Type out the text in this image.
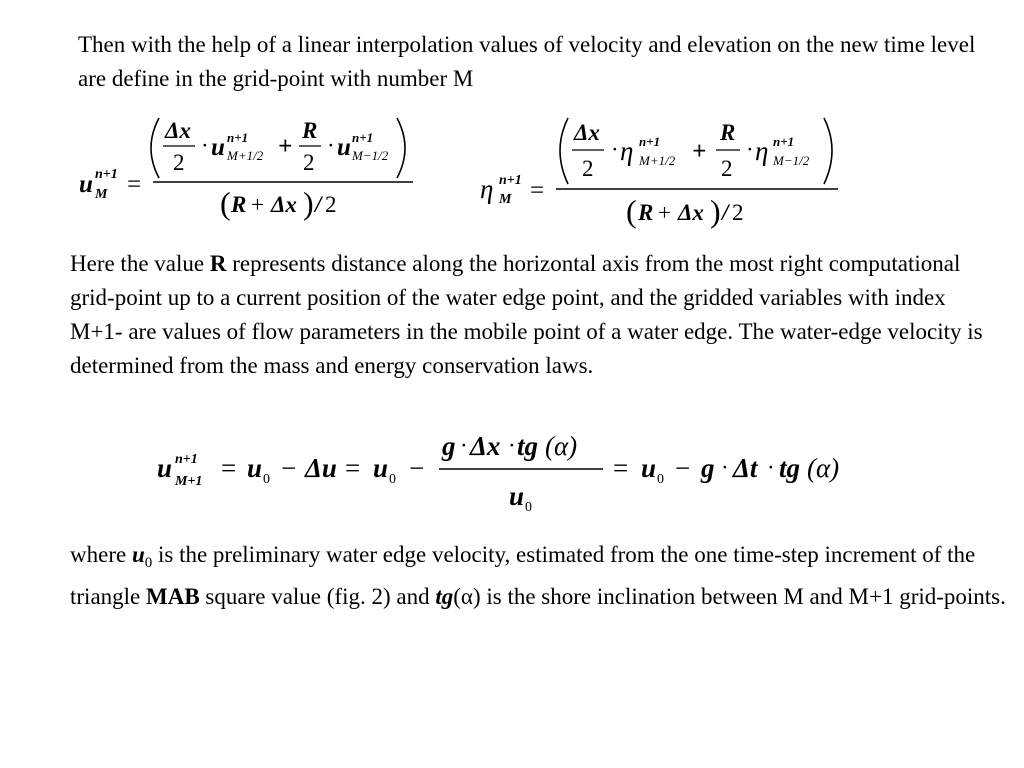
Then with the help of a linear interpolation values of velocity and elevation on the new time level are define in the grid-point with number M

u n+1
M =
Δx
2
· u n+1
M+1/2 +
R
2
· u n+1
M−1/2
( R + Δx ) / 2
η n+1
M =
Δx
2
· η n+1
M+1/2 +
R
2
· η n+1
M−1/2
( R + Δx ) / 2

Here the value R represents distance along the horizontal axis from the most right computational grid-point up to a current position of the water edge point, and the gridded variables with index M+1- are values of flow parameters in the mobile point of a water edge. The water-edge velocity is determined from the mass and energy conservation laws.

u n+1
M+1 = u 0 − Δu = u 0 −
g · Δx · tg (α)
u 0
= u 0 − g · Δt · tg (α)

where $u_0$ is the preliminary water edge velocity, estimated from the one time-step increment of the triangle MAB square value (fig. 2) and tg(α) is the shore inclination between M and M+1 grid-points.
